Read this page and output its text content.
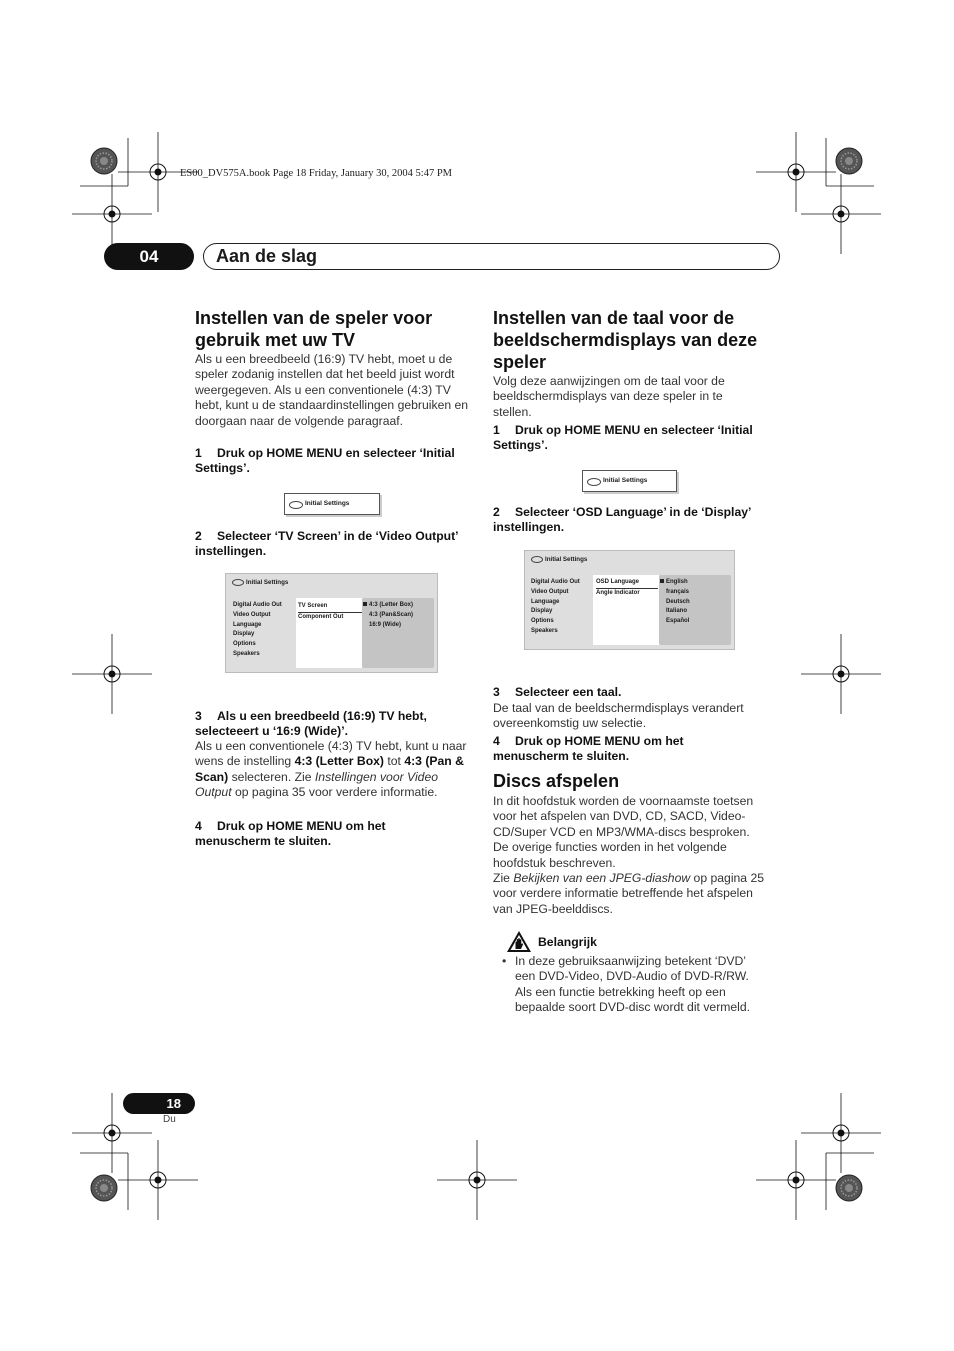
ES00_DV575A.book Page 18 Friday, January 30, 2004 5:47 PM
04	Aan de slag
Instellen van de speler voor gebruik met uw TV
Als u een breedbeeld (16:9) TV hebt, moet u de speler zodanig instellen dat het beeld juist wordt weergegeven. Als u een conventionele (4:3) TV hebt, kunt u de standaardinstellingen gebruiken en doorgaan naar de volgende paragraaf.
1 Druk op HOME MENU en selecteer ‘Initial Settings’.
Initial Settings
2 Selecteer ‘TV Screen’ in de ‘Video Output’ instellingen.
Initial Settings
Digital Audio Out
Video Output
Language
Display
Options
Speakers
TV Screen
Component Out
4:3 (Letter Box)
4:3 (Pan&Scan)
16:9 (Wide)
3 Als u een breedbeeld (16:9) TV hebt, selecteeert u ‘16:9 (Wide)’.
Als u een conventionele (4:3) TV hebt, kunt u naar wens de instelling 4:3 (Letter Box) tot 4:3 (Pan & Scan) selecteren. Zie Instellingen voor Video Output op pagina 35 voor verdere informatie.
4 Druk op HOME MENU om het menuscherm te sluiten.
Instellen van de taal voor de beeldschermdisplays van deze speler
Volg deze aanwijzingen om de taal voor de beeldschermdisplays van deze speler in te stellen.
1 Druk op HOME MENU en selecteer ‘Initial Settings’.
Initial Settings
2 Selecteer ‘OSD Language’ in de ‘Display’ instellingen.
Initial Settings
Digital Audio Out
Video Output
Language
Display
Options
Speakers
OSD Language
Angle Indicator
English
français
Deutsch
Italiano
Español
3 Selecteer een taal.
De taal van de beeldschermdisplays verandert overeenkomstig uw selectie.
4 Druk op HOME MENU om het menuscherm te sluiten.
Discs afspelen
In dit hoofdstuk worden de voornaamste toetsen voor het afspelen van DVD, CD, SACD, Video-CD/Super VCD en MP3/WMA-discs besproken. De overige functies worden in het volgende hoofdstuk beschreven.
Zie Bekijken van een JPEG-diashow op pagina 25 voor verdere informatie betreffende het afspelen van JPEG-beelddiscs.
Belangrijk
• In deze gebruiksaanwijzing betekent ‘DVD’ een DVD-Video, DVD-Audio of DVD-R/RW. Als een functie betrekking heeft op een bepaalde soort DVD-disc wordt dit vermeld.
18
Du
